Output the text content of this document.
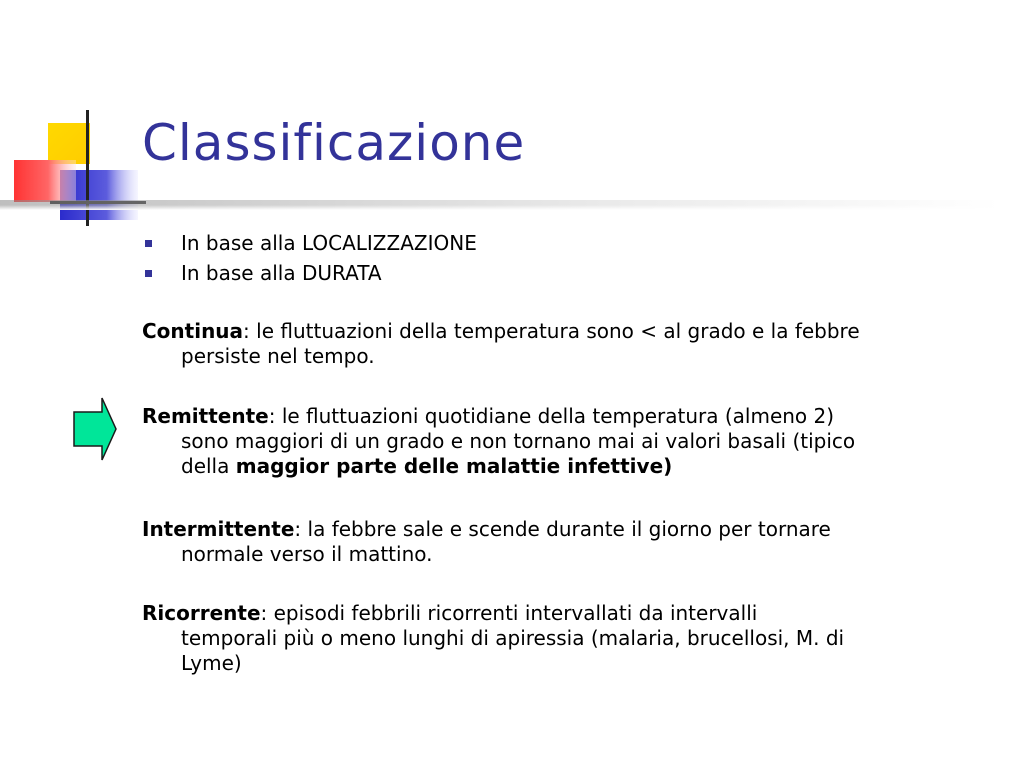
Classificazione
In base alla LOCALIZZAZIONE
In base alla DURATA
Continua: le fluttuazioni della temperatura sono < al grado e la febbre
persiste nel tempo.
Remittente: le fluttuazioni quotidiane della temperatura (almeno 2)
sono maggiori di un grado e non tornano mai ai valori basali (tipico
della maggior parte delle malattie infettive)
Intermittente: la febbre sale e scende durante il giorno per tornare
normale verso il mattino.
Ricorrente: episodi febbrili ricorrenti intervallati da intervalli
temporali più o meno lunghi di apiressia (malaria, brucellosi, M. di
Lyme)
